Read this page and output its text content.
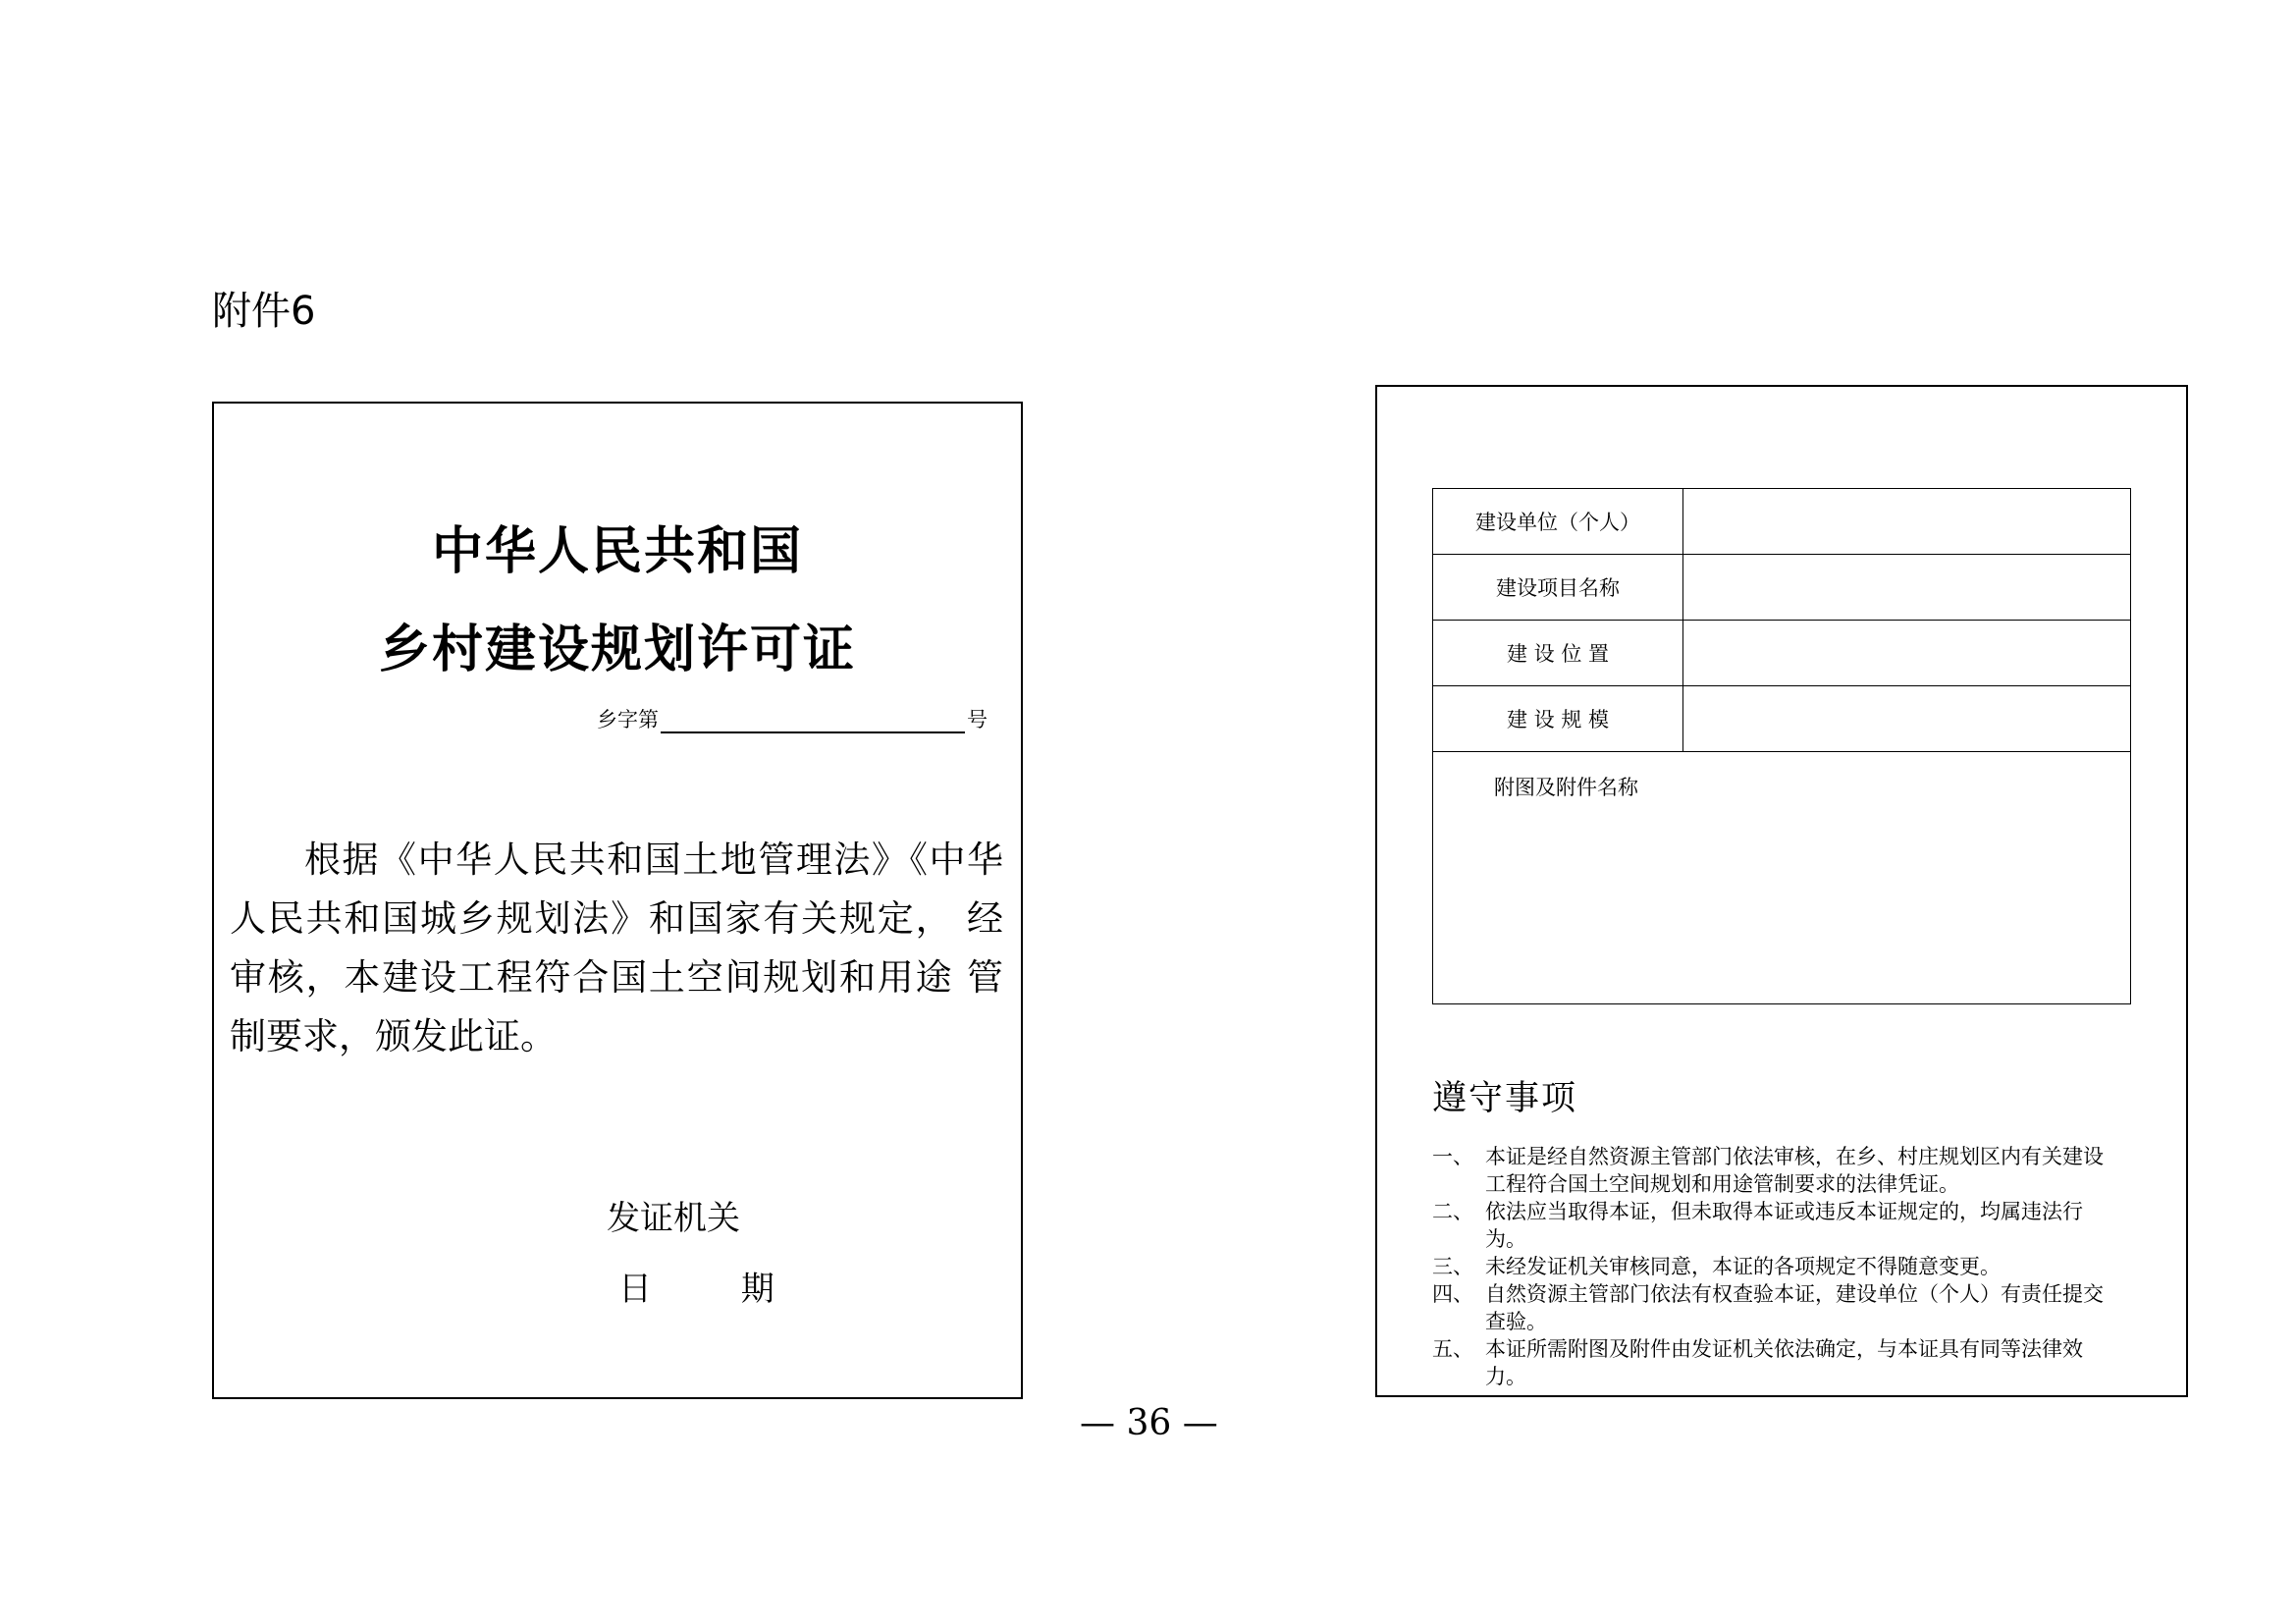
附件6
中华人民共和国
乡村建设规划许可证
乡字第	号

根据《中华人民共和国土地管理法》《中华人民共和国城乡规划法》和国家有关规定， 经审核，本建设工程符合国土空间规划和用途 管制要求，颁发此证。

发证机关
日 期
建设单位（个人）	
建设项目名称	
建 设 位 置	
建 设 规 模	
附图及附件名称	
遵守事项
一、 本证是经自然资源主管部门依法审核，在乡、村庄规划区内有关建设工程符合国土空间规划和用途管制要求的法律凭证。
二、 依法应当取得本证，但未取得本证或违反本证规定的，均属违法行为。
三、 未经发证机关审核同意，本证的各项规定不得随意变更。
四、 自然资源主管部门依法有权查验本证，建设单位（个人）有责任提交查验。
五、 本证所需附图及附件由发证机关依法确定，与本证具有同等法律效力。
— 36 —
